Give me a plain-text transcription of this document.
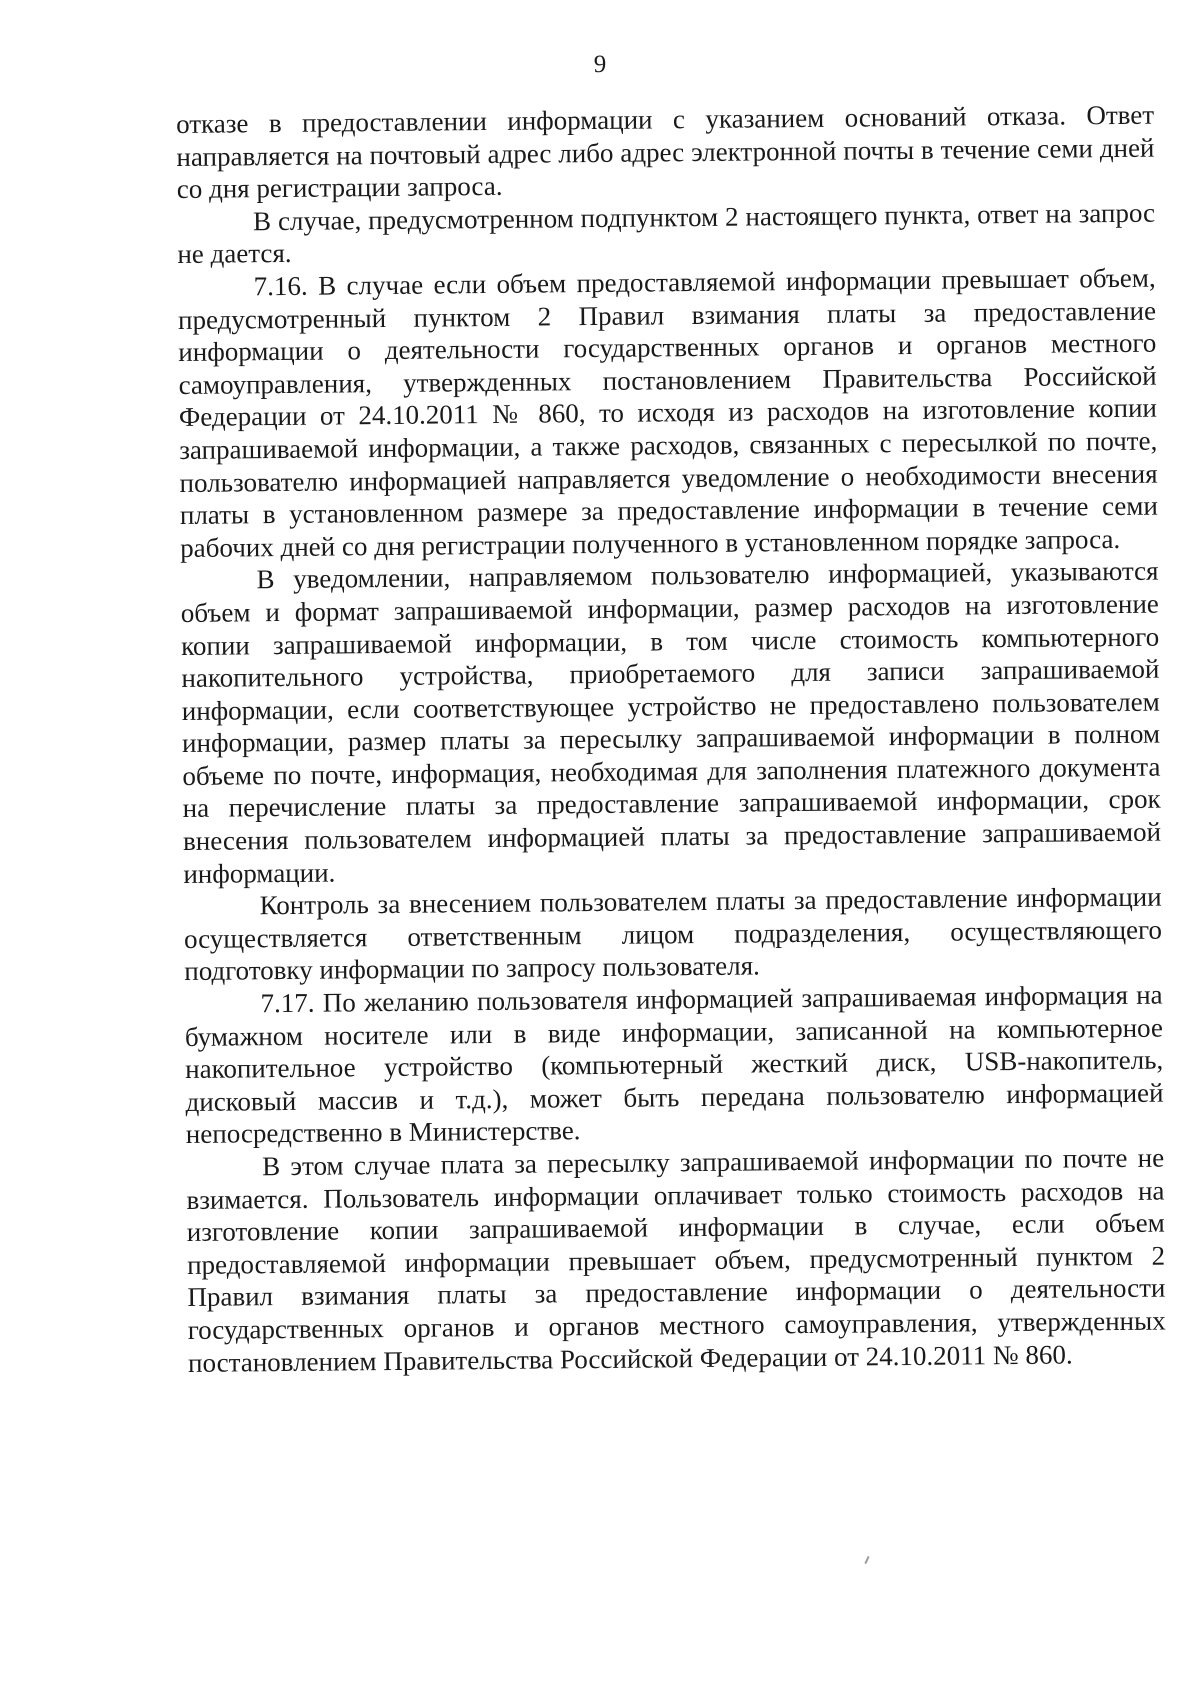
9

отказе в предоставлении информации с указанием оснований отказа. Ответ направляется на почтовый адрес либо адрес электронной почты в течение семи дней со дня регистрации запроса.

В случае, предусмотренном подпунктом 2 настоящего пункта, ответ на запрос не дается.

7.16. В случае если объем предоставляемой информации превышает объем, предусмотренный пунктом 2 Правил взимания платы за предоставление информации о деятельности государственных органов и органов местного самоуправления, утвержденных постановлением Правительства Российской Федерации от 24.10.2011 № 860, то исходя из расходов на изготовление копии запрашиваемой информации, а также расходов, связанных с пересылкой по почте, пользователю информацией направляется уведомление о необходимости внесения платы в установленном размере за предоставление информации в течение семи рабочих дней со дня регистрации полученного в установленном порядке запроса.

В уведомлении, направляемом пользователю информацией, указываются объем и формат запрашиваемой информации, размер расходов на изготовление копии запрашиваемой информации, в том числе стоимость компьютерного накопительного устройства, приобретаемого для записи запрашиваемой информации, если соответствующее устройство не предоставлено пользователем информации, размер платы за пересылку запрашиваемой информации в полном объеме по почте, информация, необходимая для заполнения платежного документа на перечисление платы за предоставление запрашиваемой информации, срок внесения пользователем информацией платы за предоставление запрашиваемой информации.

Контроль за внесением пользователем платы за предоставление информации осуществляется ответственным лицом подразделения, осуществляющего подготовку информации по запросу пользователя.

7.17. По желанию пользователя информацией запрашиваемая информация на бумажном носителе или в виде информации, записанной на компьютерное накопительное устройство (компьютерный жесткий диск, USB-накопитель, дисковый массив и т.д.), может быть передана пользователю информацией непосредственно в Министерстве.

В этом случае плата за пересылку запрашиваемой информации по почте не взимается. Пользователь информации оплачивает только стоимость расходов на изготовление копии запрашиваемой информации в случае, если объем предоставляемой информации превышает объем, предусмотренный пунктом 2 Правил взимания платы за предоставление информации о деятельности государственных органов и органов местного самоуправления, утвержденных постановлением Правительства Российской Федерации от 24.10.2011 № 860.
